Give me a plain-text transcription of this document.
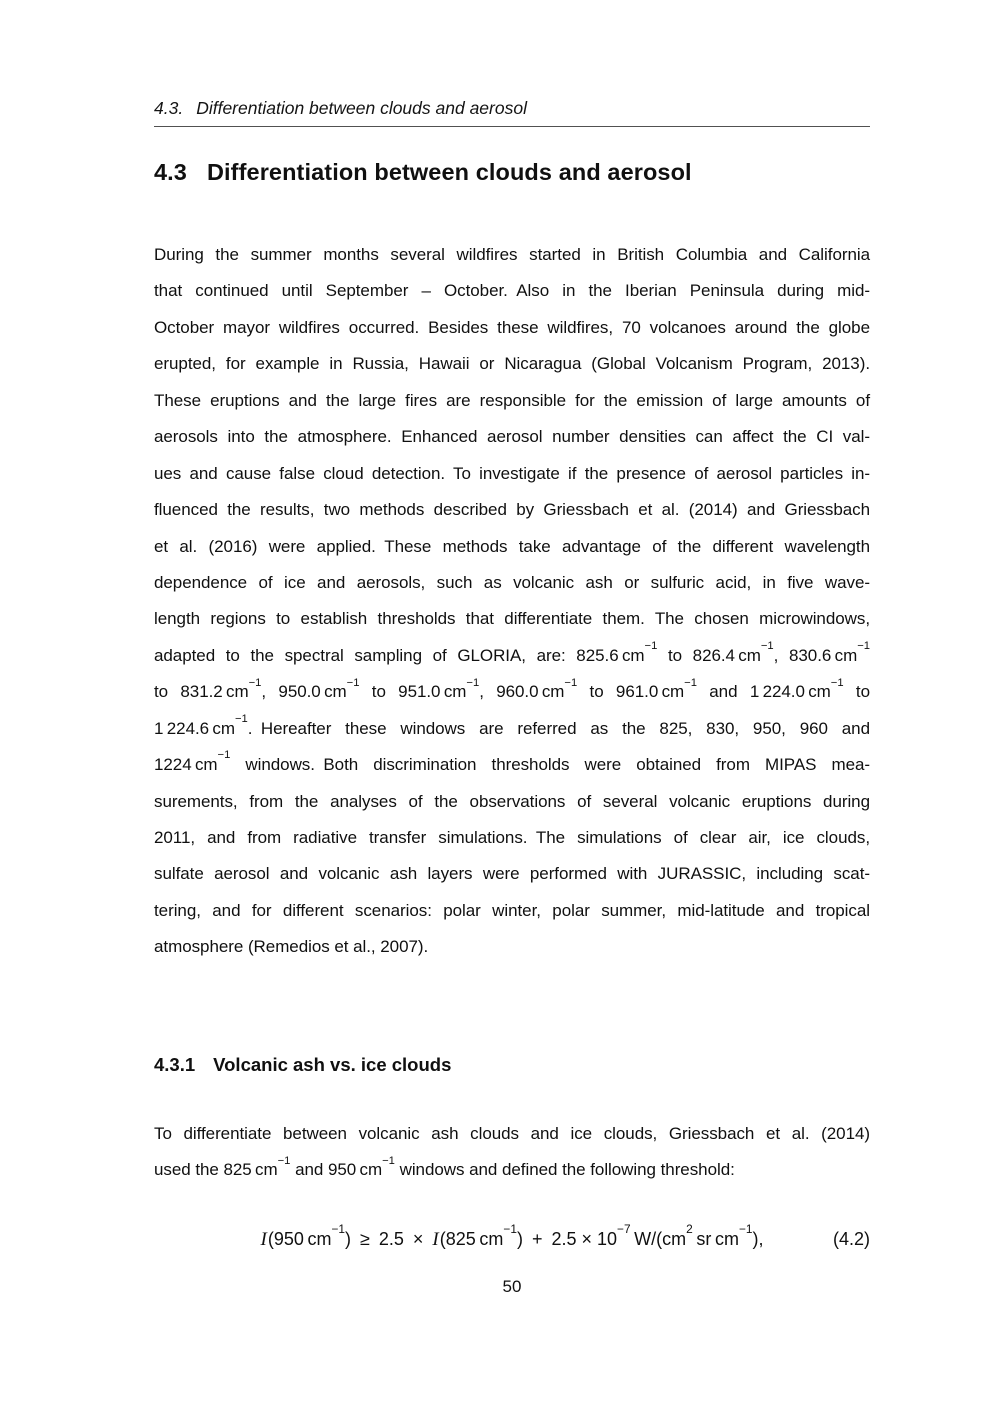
4.3. Differentiation between clouds and aerosol
4.3 Differentiation between clouds and aerosol
During the summer months several wildfires started in British Columbia and California
that continued until September – October. Also in the Iberian Peninsula during mid-
October mayor wildfires occurred. Besides these wildfires, 70 volcanoes around the globe
erupted, for example in Russia, Hawaii or Nicaragua (Global Volcanism Program, 2013).
These eruptions and the large fires are responsible for the emission of large amounts of
aerosols into the atmosphere. Enhanced aerosol number densities can affect the CI val-
ues and cause false cloud detection. To investigate if the presence of aerosol particles in-
fluenced the results, two methods described by Griessbach et al. (2014) and Griessbach
et al. (2016) were applied. These methods take advantage of the different wavelength
dependence of ice and aerosols, such as volcanic ash or sulfuric acid, in five wave-
length regions to establish thresholds that differentiate them. The chosen microwindows,
adapted to the spectral sampling of GLORIA, are: 825.6 $cm^{-1}$ to 826.4 $cm^{-1}$, 830.6 $cm^{-1}$
to 831.2 $cm^{-1}$, 950.0 $cm^{-1}$ to 951.0 $cm^{-1}$, 960.0 $cm^{-1}$ to 961.0 $cm^{-1}$ and 1 224.0 $cm^{-1}$ to
1 224.6 $cm^{-1}$. Hereafter these windows are referred as the 825, 830, 950, 960 and
1224 $cm^{-1}$ windows. Both discrimination thresholds were obtained from MIPAS mea-
surements, from the analyses of the observations of several volcanic eruptions during
2011, and from radiative transfer simulations. The simulations of clear air, ice clouds,
sulfate aerosol and volcanic ash layers were performed with JURASSIC, including scat-
tering, and for different scenarios: polar winter, polar summer, mid-latitude and tropical
atmosphere (Remedios et al., 2007).
4.3.1 Volcanic ash vs. ice clouds
To differentiate between volcanic ash clouds and ice clouds, Griessbach et al. (2014)
used the 825 $cm^{-1}$ and 950 $cm^{-1}$ windows and defined the following threshold:
I(950 $cm^{-1}$) ≥ 2.5 × I(825 $cm^{-1}$) + $2.5 \times 10^{-7}$ $W/(cm^2$ sr $cm^{-1}$),	(4.2)
50
